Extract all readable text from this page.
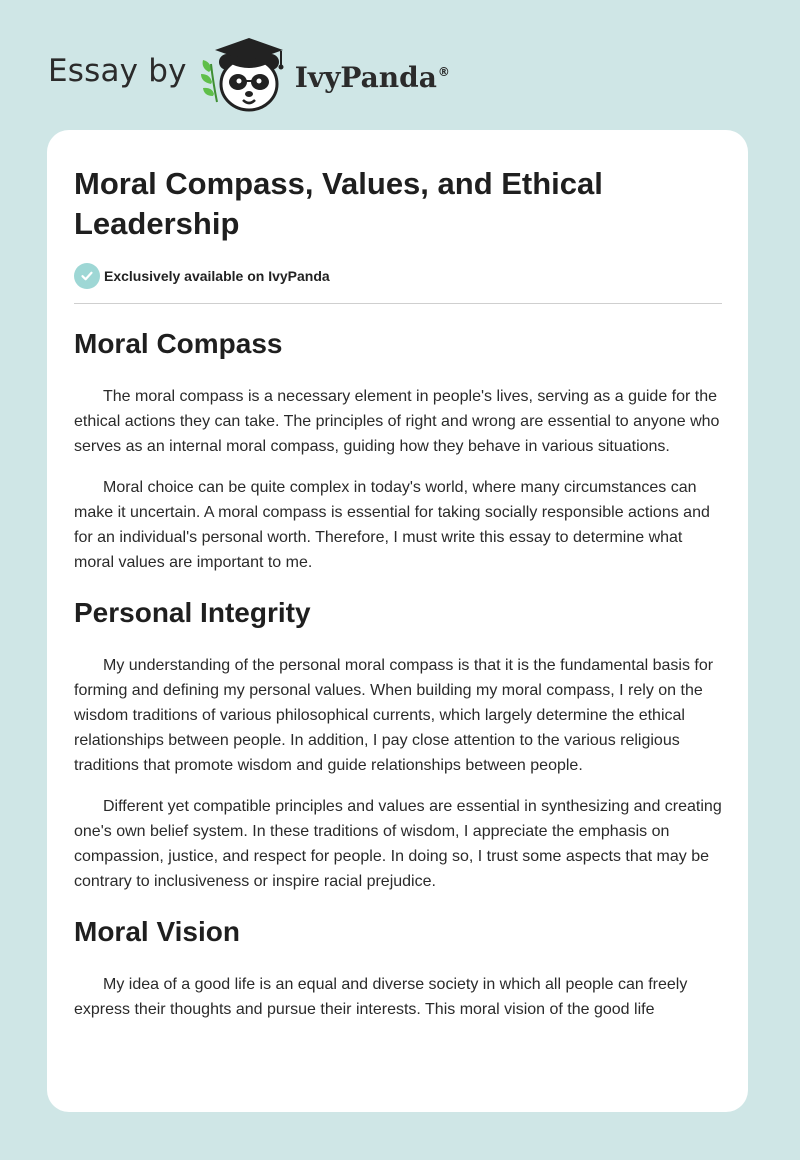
Essay by	IvyPanda®
Moral Compass, Values, and Ethical Leadership
Exclusively available on IvyPanda
Moral Compass

The moral compass is a necessary element in people's lives, serving as a guide for the ethical actions they can take. The principles of right and wrong are essential to anyone who serves as an internal moral compass, guiding how they behave in various situations.

Moral choice can be quite complex in today's world, where many circumstances can make it uncertain. A moral compass is essential for taking socially responsible actions and for an individual's personal worth. Therefore, I must write this essay to determine what moral values are important to me.

Personal Integrity

My understanding of the personal moral compass is that it is the fundamental basis for forming and defining my personal values. When building my moral compass, I rely on the wisdom traditions of various philosophical currents, which largely determine the ethical relationships between people. In addition, I pay close attention to the various religious traditions that promote wisdom and guide relationships between people.

Different yet compatible principles and values are essential in synthesizing and creating one's own belief system. In these traditions of wisdom, I appreciate the emphasis on compassion, justice, and respect for people. In doing so, I trust some aspects that may be contrary to inclusiveness or inspire racial prejudice.

Moral Vision

My idea of a good life is an equal and diverse society in which all people can freely express their thoughts and pursue their interests. This moral vision of the good life
